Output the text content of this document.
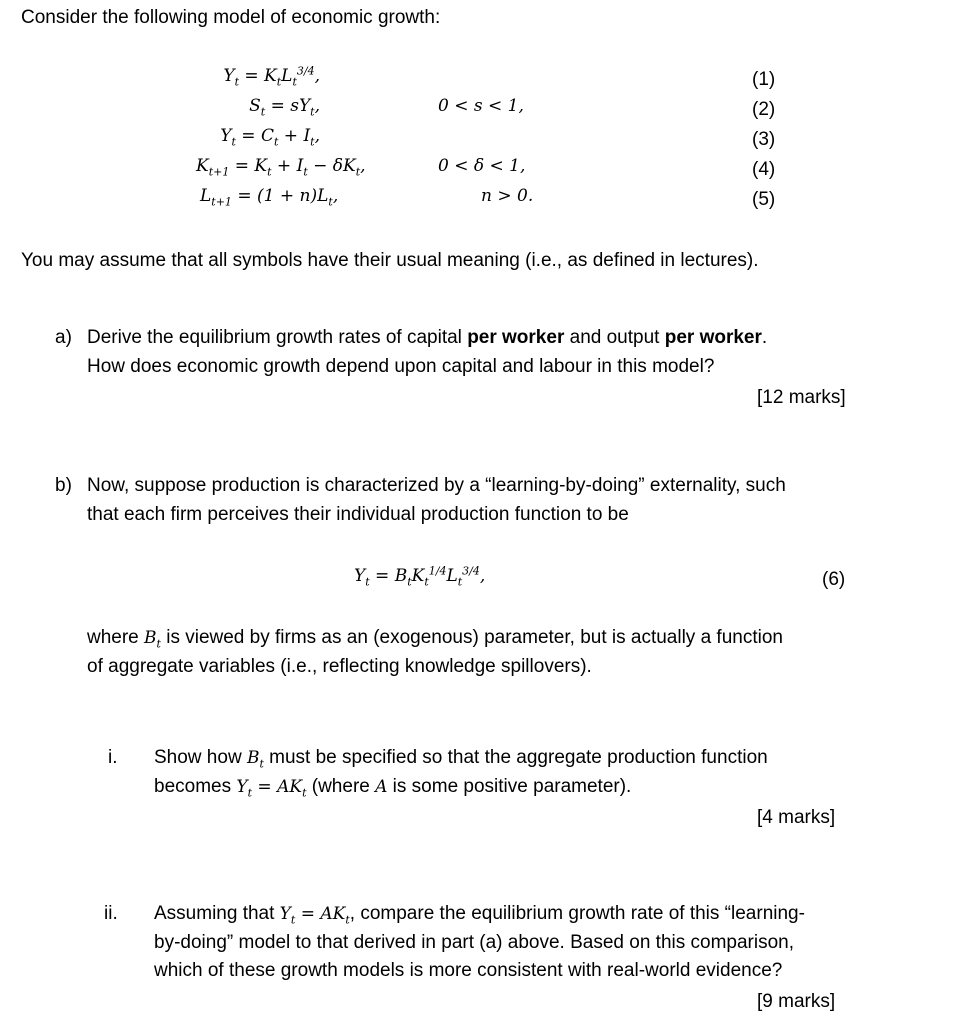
Consider the following model of economic growth:
$Y_t = K_tL_t^{3/4}$,
$S_t = sY_t$,
$Y_t = C_t + I_t$,
$K_{t+1} = K_t + I_t - \delta K_t$,
$L_{t+1} = (1 + n)L_t$,
0 < s < 1,
0 < δ < 1,
n > 0.
(1)
(2)
(3)
(4)
(5)
You may assume that all symbols have their usual meaning (i.e., as defined in lectures).
a) Derive the equilibrium growth rates of capital per worker and output per worker.
How does economic growth depend upon capital and labour in this model?
[12 marks]
b) Now, suppose production is characterized by a “learning-by-doing” externality, such
that each firm perceives their individual production function to be
$Y_t = B_tK_t^{1/4}L_t^{3/4}$,	(6)
where $B_t$ is viewed by firms as an (exogenous) parameter, but is actually a function
of aggregate variables (i.e., reflecting knowledge spillovers).
i. Show how $B_t$ must be specified so that the aggregate production function
becomes $Y_t = AK_t$ (where A is some positive parameter).
[4 marks]
ii. Assuming that $Y_t = AK_t$, compare the equilibrium growth rate of this “learning-
by-doing” model to that derived in part (a) above. Based on this comparison,
which of these growth models is more consistent with real-world evidence?
[9 marks]
